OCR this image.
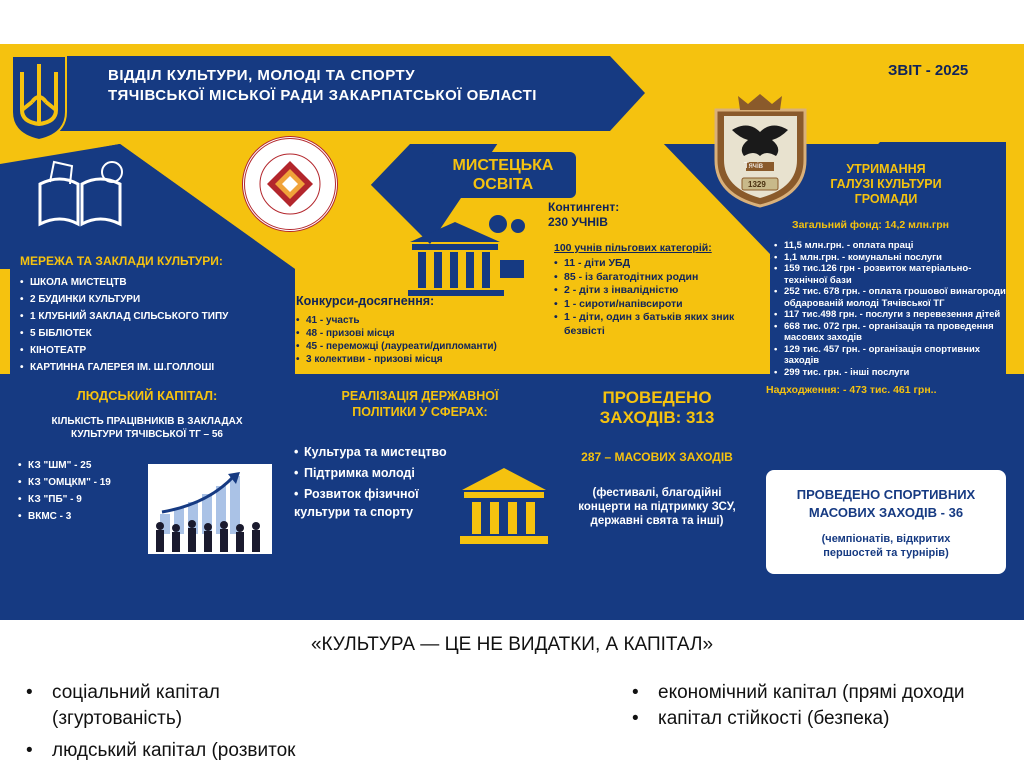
ВІДДІЛ КУЛЬТУРИ, МОЛОДІ ТА СПОРТУ
ТЯЧІВСЬКОЇ МІСЬКОЇ РАДИ ЗАКАРПАТСЬКОЇ ОБЛАСТІ
ЗВІТ - 2025
Тячів
1329
МЕРЕЖА ТА ЗАКЛАДИ КУЛЬТУРИ:
• ШКОЛА МИСТЕЦТВ
• 2 БУДИНКИ КУЛЬТУРИ
• 1 КЛУБНИЙ ЗАКЛАД СІЛЬСЬКОГО ТИПУ
• 5 БІБЛІОТЕК
• КІНОТЕАТР
• КАРТИННА ГАЛЕРЕЯ ІМ. Ш.ГОЛЛОШІ
МИСТЕЦЬКА
ОСВІТА
Контингент:
230 УЧНІВ
100 учнів пільгових категорій:
• 11 - діти УБД
• 85 - із багатодітних родин
• 2 - діти з інвалідністю
• 1 - сироти/напівсироти
• 1 - діти, один з батьків яких зник безвісті
Конкурси-досягнення:
• 41 - участь
• 48 - призові місця
• 45 - переможці (лауреати/дипломанти)
• 3 колективи - призові місця
УТРИМАННЯ
ГАЛУЗІ КУЛЬТУРИ
ГРОМАДИ
Загальний фонд: 14,2 млн.грн
• 11,5 млн.грн. - оплата праці
• 1,1 млн.грн. - комунальні послуги
• 159 тис.126 грн - розвиток матеріально-технічної бази
• 252 тис. 678 грн. - оплата грошової винагороди обдарованій молоді Тячівської ТГ
• 117 тис.498 грн. - послуги з перевезення дітей
• 668 тис. 072 грн. - організація та проведення масових заходів
• 129 тис. 457 грн. - організація спортивних заходів
• 299 тис. грн. - інші послуги
Надходження: - 473 тис. 461 грн..
ЛЮДСЬКИЙ КАПІТАЛ:
КІЛЬКІСТЬ ПРАЦІВНИКІВ В ЗАКЛАДАХ
КУЛЬТУРИ ТЯЧІВСЬКОЇ ТГ – 56
• КЗ "ШМ" - 25
• КЗ "ОМЦКМ" - 19
• КЗ "ПБ" - 9
• ВКМС - 3
РЕАЛІЗАЦІЯ ДЕРЖАВНОЇ
ПОЛІТИКИ У СФЕРАХ:
• Культура та мистецтво
• Підтримка молоді
• Розвиток фізичної
культури та спорту
ПРОВЕДЕНО
ЗАХОДІВ: 313
287 – МАСОВИХ ЗАХОДІВ
(фестивалі, благодійні
концерти на підтримку ЗСУ,
державні свята та інші)
ПРОВЕДЕНО СПОРТИВНИХ
МАСОВИХ ЗАХОДІВ - 36
(чемпіонатів, відкритих
першостей та турнірів)
«КУЛЬТУРА — ЦЕ НЕ ВИДАТКИ, А КАПІТАЛ»
• соціальний капітал
(згуртованість)
• людський капітал (розвиток
• економічний капітал (прямі доходи
• капітал стійкості (безпека)
